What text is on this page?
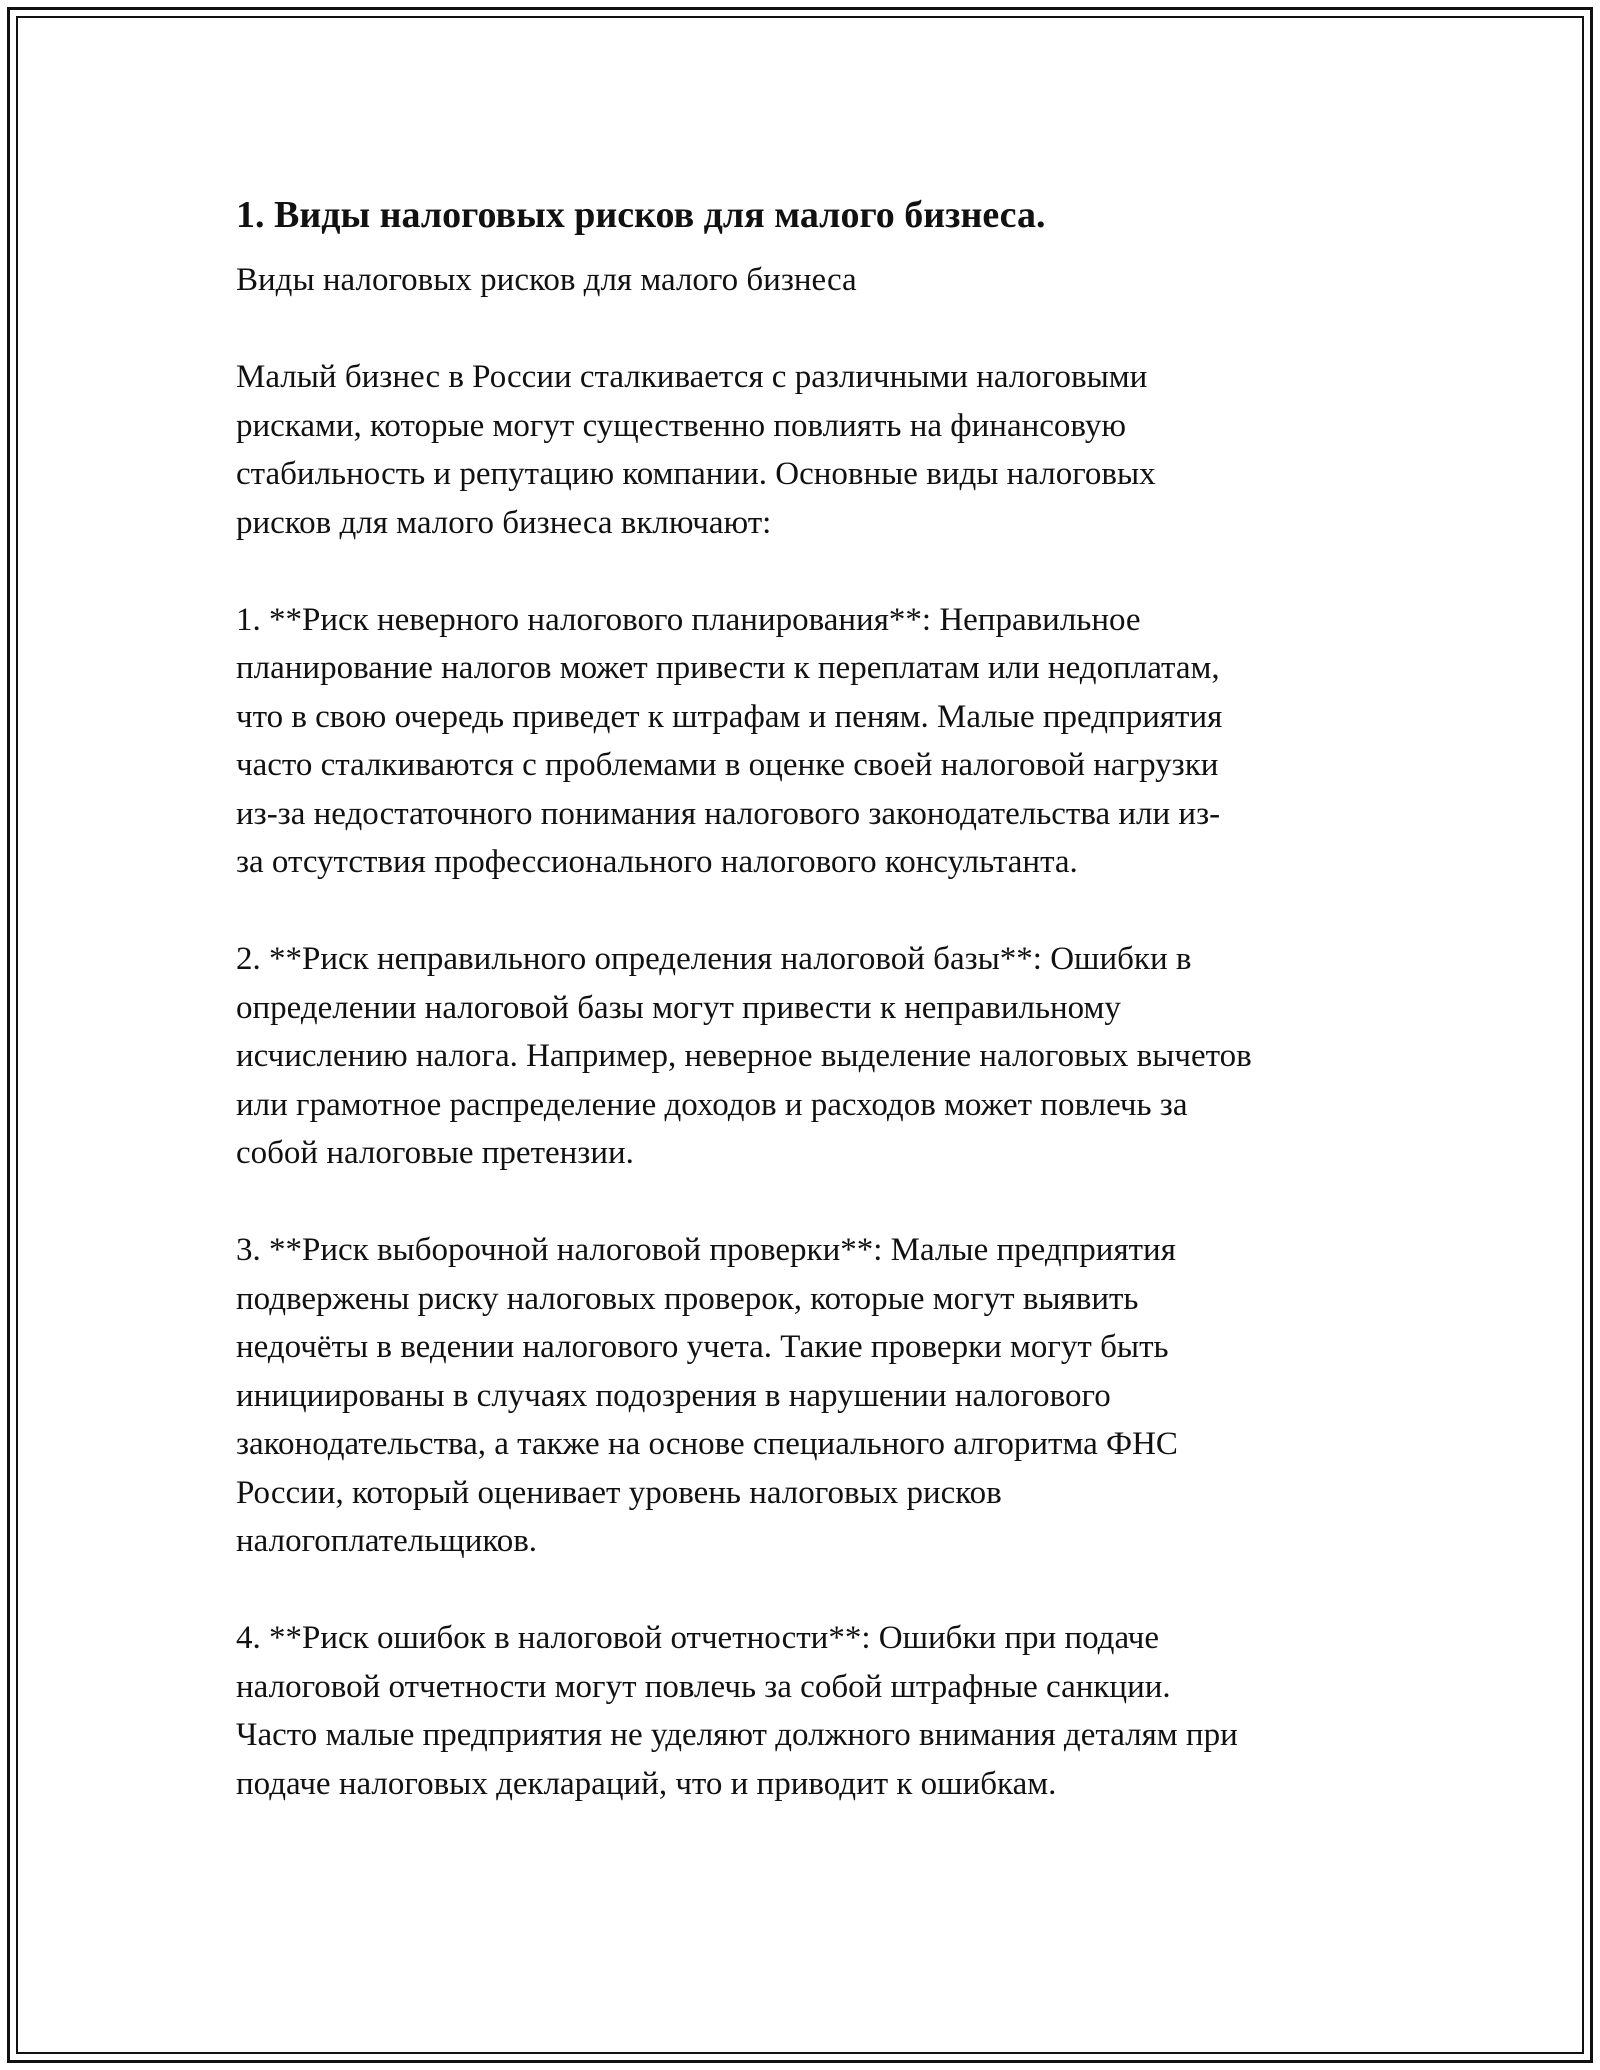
1. Виды налоговых рисков для малого бизнеса.

Виды налоговых рисков для малого бизнеса

Малый бизнес в России сталкивается с различными налоговыми
рисками, которые могут существенно повлиять на финансовую
стабильность и репутацию компании. Основные виды налоговых
рисков для малого бизнеса включают:

1. **Риск неверного налогового планирования**: Неправильное
планирование налогов может привести к переплатам или недоплатам,
что в свою очередь приведет к штрафам и пеням. Малые предприятия
часто сталкиваются с проблемами в оценке своей налоговой нагрузки
из-за недостаточного понимания налогового законодательства или из-
за отсутствия профессионального налогового консультанта.

2. **Риск неправильного определения налоговой базы**: Ошибки в
определении налоговой базы могут привести к неправильному
исчислению налога. Например, неверное выделение налоговых вычетов
или грамотное распределение доходов и расходов может повлечь за
собой налоговые претензии.

3. **Риск выборочной налоговой проверки**: Малые предприятия
подвержены риску налоговых проверок, которые могут выявить
недочёты в ведении налогового учета. Такие проверки могут быть
инициированы в случаях подозрения в нарушении налогового
законодательства, а также на основе специального алгоритма ФНС
России, который оценивает уровень налоговых рисков
налогоплательщиков.

4. **Риск ошибок в налоговой отчетности**: Ошибки при подаче
налоговой отчетности могут повлечь за собой штрафные санкции.
Часто малые предприятия не уделяют должного внимания деталям при
подаче налоговых деклараций, что и приводит к ошибкам.
